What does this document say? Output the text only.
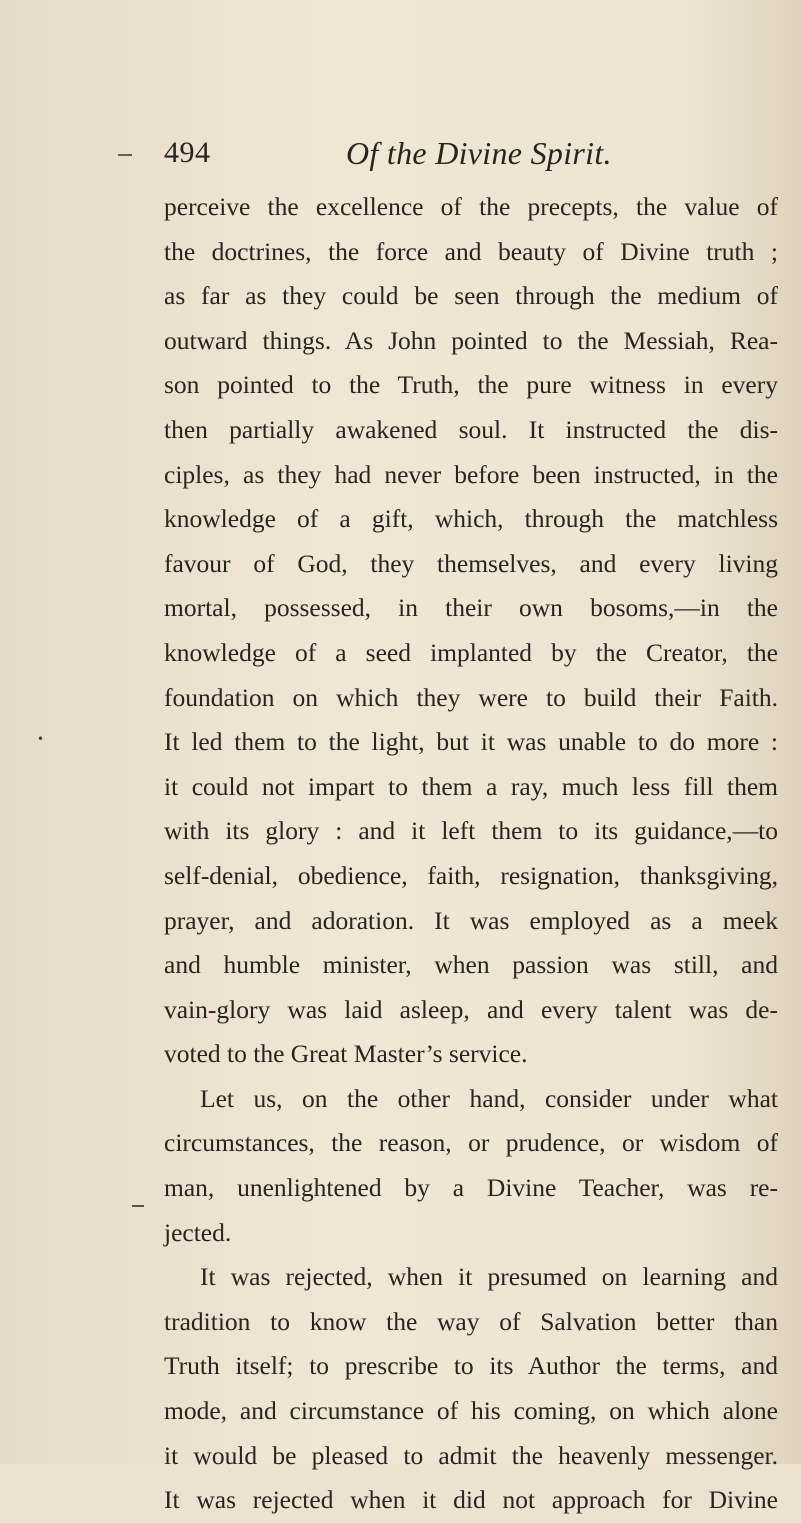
494	Of the Divine Spirit.
•
perceive the excellence of the precepts, the value of
the doctrines, the force and beauty of Divine truth ;
as far as they could be seen through the medium of
outward things. As John pointed to the Messiah, Rea-
son pointed to the Truth, the pure witness in every
then partially awakened soul. It instructed the dis-
ciples, as they had never before been instructed, in the
knowledge of a gift, which, through the matchless
favour of God, they themselves, and every living
mortal, possessed, in their own bosoms,—in the
knowledge of a seed implanted by the Creator, the
foundation on which they were to build their Faith.
It led them to the light, but it was unable to do more :
it could not impart to them a ray, much less fill them
with its glory : and it left them to its guidance,—to
self-denial, obedience, faith, resignation, thanksgiving,
prayer, and adoration. It was employed as a meek
and humble minister, when passion was still, and
vain-glory was laid asleep, and every talent was de-
voted to the Great Master’s service.
Let us, on the other hand, consider under what
circumstances, the reason, or prudence, or wisdom of
man, unenlightened by a Divine Teacher, was re-
jected.
It was rejected, when it presumed on learning and
tradition to know the way of Salvation better than
Truth itself; to prescribe to its Author the terms, and
mode, and circumstance of his coming, on which alone
it would be pleased to admit the heavenly messenger.
It was rejected when it did not approach for Divine
